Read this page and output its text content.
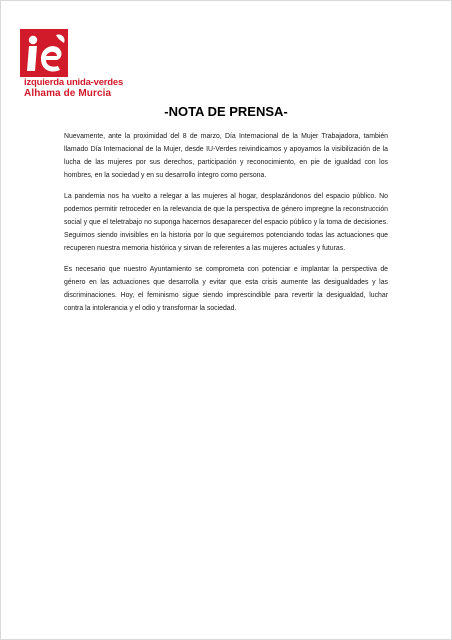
izquierda unida-verdes
Alhama de Murcia
-NOTA DE PRENSA-

Nuevamente, ante la proximidad del 8 de marzo, Día Internacional de la Mujer Trabajadora, también llamado Día Internacional de la Mujer, desde IU-Verdes reivindicamos y apoyamos la visibilización de la lucha de las mujeres por sus derechos, participación y reconocimiento, en pie de igualdad con los hombres, en la sociedad y en su desarrollo íntegro como persona.

La pandemia nos ha vuelto a relegar a las mujeres al hogar, desplazándonos del espacio público. No podemos permitir retroceder en la relevancia de que la perspectiva de género impregne la reconstrucción social y que el teletrabajo no suponga hacernos desaparecer del espacio público y la toma de decisiones. Seguimos siendo invisibles en la historia por lo que seguiremos potenciando todas las actuaciones que recuperen nuestra memoria histórica y sirvan de referentes a las mujeres actuales y futuras.

Es necesario que nuestro Ayuntamiento se comprometa con potenciar e implantar la perspectiva de género en las actuaciones que desarrolla y evitar que esta crisis aumente las desigualdades y las discriminaciones. Hoy, el feminismo sigue siendo imprescindible para revertir la desigualdad, luchar contra la intolerancia y el odio y transformar la sociedad.
